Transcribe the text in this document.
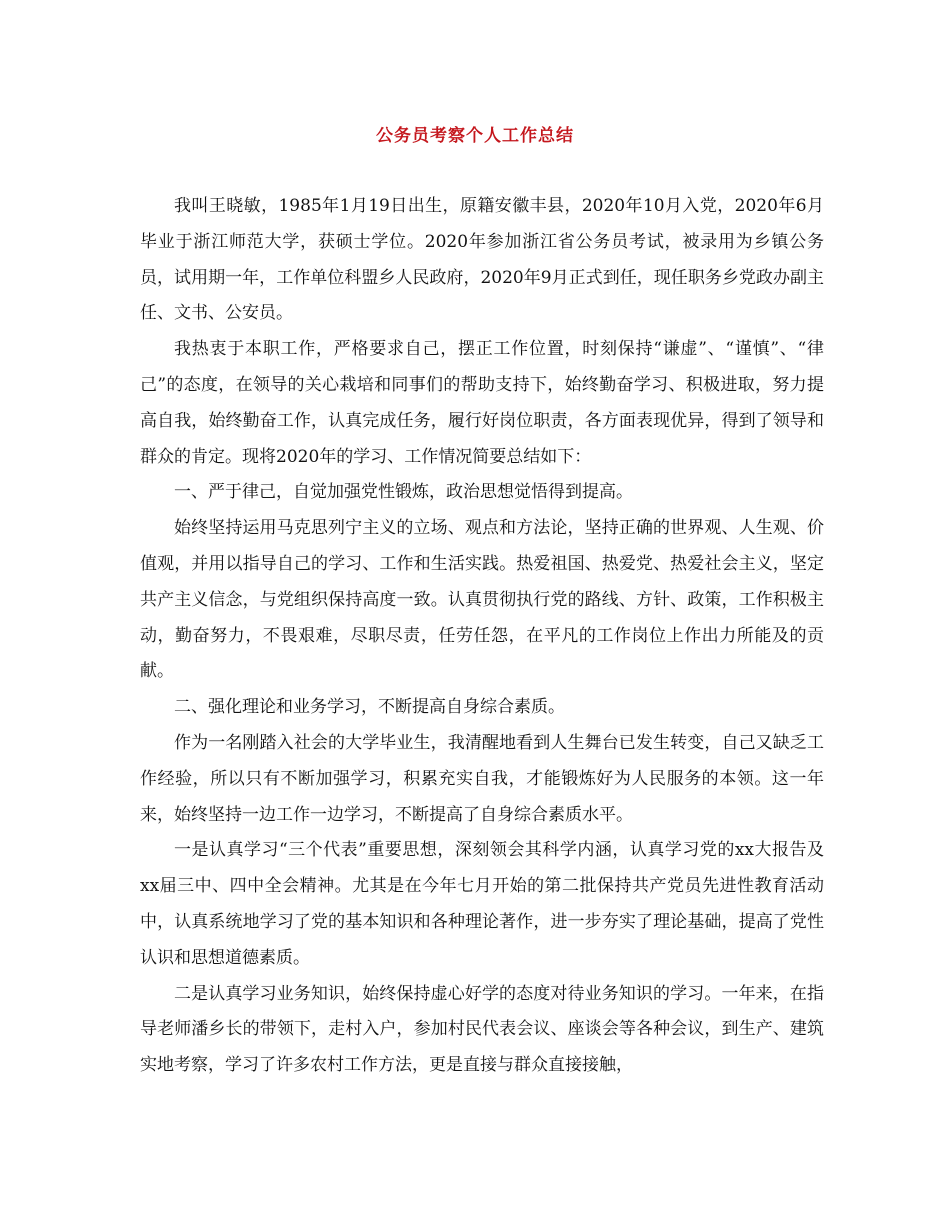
公务员考察个人工作总结

我叫王晓敏，1985年1月19日出生，原籍安徽丰县，2020年10月入党，2020年6月毕业于浙江师范大学，获硕士学位。2020年参加浙江省公务员考试，被录用为乡镇公务员，试用期一年，工作单位科盟乡人民政府，2020年9月正式到任，现任职务乡党政办副主任、文书、公安员。

我热衷于本职工作，严格要求自己，摆正工作位置，时刻保持“谦虚”、“谨慎”、“律己”的态度，在领导的关心栽培和同事们的帮助支持下，始终勤奋学习、积极进取，努力提高自我，始终勤奋工作，认真完成任务，履行好岗位职责，各方面表现优异，得到了领导和群众的肯定。现将2020年的学习、工作情况简要总结如下：

一、严于律己，自觉加强党性锻炼，政治思想觉悟得到提高。

始终坚持运用马克思列宁主义的立场、观点和方法论，坚持正确的世界观、人生观、价值观，并用以指导自己的学习、工作和生活实践。热爱祖国、热爱党、热爱社会主义，坚定共产主义信念，与党组织保持高度一致。认真贯彻执行党的路线、方针、政策，工作积极主动，勤奋努力，不畏艰难，尽职尽责，任劳任怨，在平凡的工作岗位上作出力所能及的贡献。

二、强化理论和业务学习，不断提高自身综合素质。

作为一名刚踏入社会的大学毕业生，我清醒地看到人生舞台已发生转变，自己又缺乏工作经验，所以只有不断加强学习，积累充实自我，才能锻炼好为人民服务的本领。这一年来，始终坚持一边工作一边学习，不断提高了自身综合素质水平。

一是认真学习“三个代表”重要思想，深刻领会其科学内涵，认真学习党的xx大报告及xx届三中、四中全会精神。尤其是在今年七月开始的第二批保持共产党员先进性教育活动中，认真系统地学习了党的基本知识和各种理论著作，进一步夯实了理论基础，提高了党性认识和思想道德素质。

二是认真学习业务知识，始终保持虚心好学的态度对待业务知识的学习。一年来，在指导老师潘乡长的带领下，走村入户，参加村民代表会议、座谈会等各种会议，到生产、建筑实地考察，学习了许多农村工作方法，更是直接与群众直接接触，
